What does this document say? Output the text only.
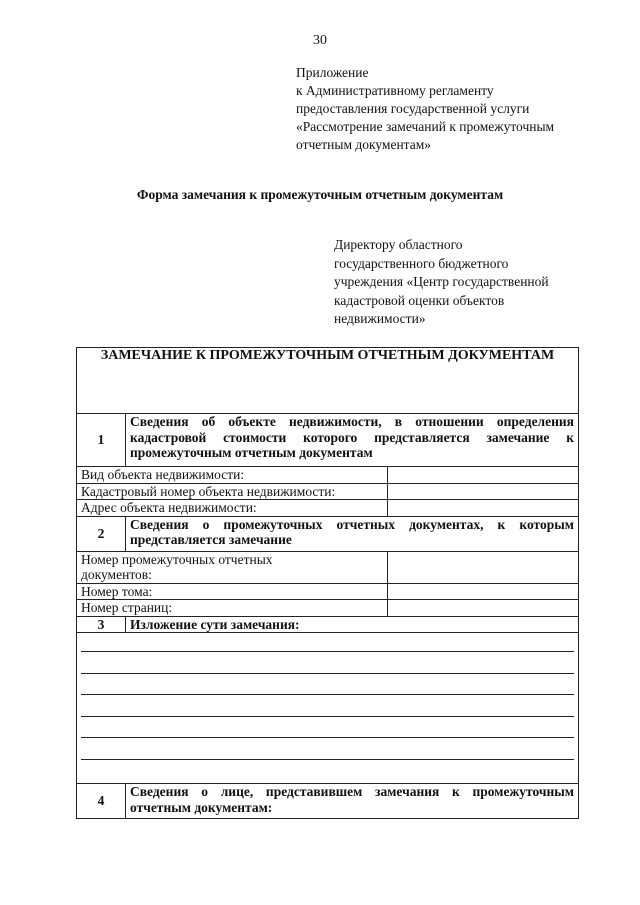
30
Приложение
к Административному регламенту
предоставления государственной услуги
«Рассмотрение замечаний к промежуточным
отчетным документам»
Форма замечания к промежуточным отчетным документам
Директору областного
государственного бюджетного
учреждения «Центр государственной
кадастровой оценки объектов
недвижимости»
ЗАМЕЧАНИЕ К ПРОМЕЖУТОЧНЫМ ОТЧЕТНЫМ ДОКУМЕНТАМ		
1	Сведения об объекте недвижимости, в отношении определения кадастровой стоимости которого представляется замечание к промежуточным отчетным документам	
Вид объекта недвижимости:		
Кадастровый номер объекта недвижимости:		
Адрес объекта недвижимости:		
2	Сведения о промежуточных отчетных документах, к которым представляется замечание	
Номер промежуточных отчетных документов:		
Номер тома:		
Номер страниц:		
3	Изложение сути замечания:	

4	Сведения о лице, представившем замечания к промежуточным отчетным документам:	
